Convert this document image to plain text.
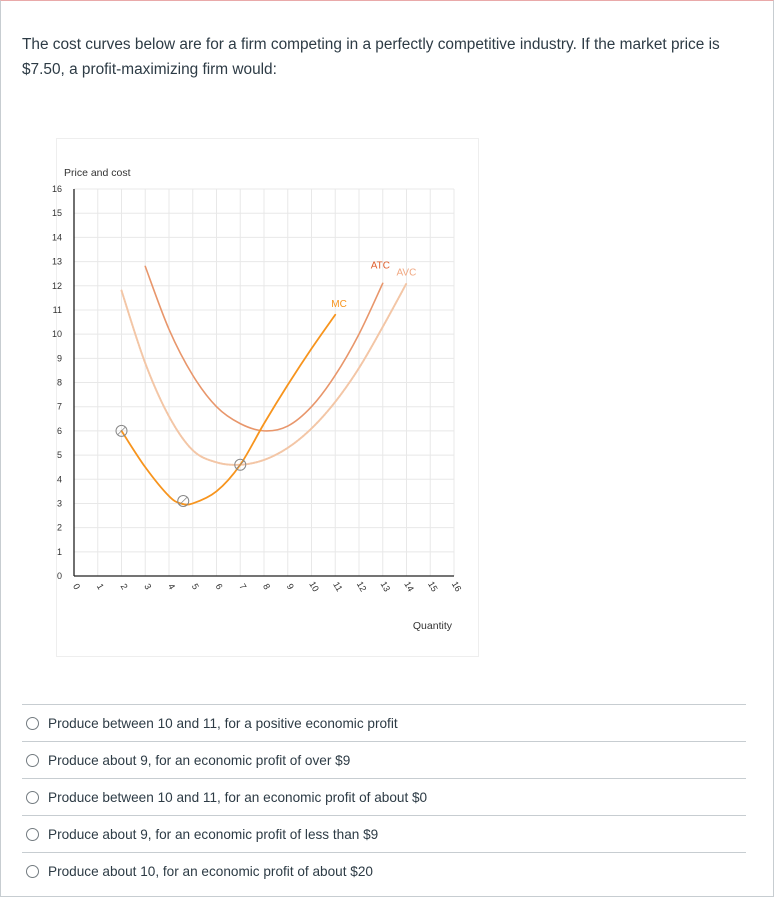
The cost curves below are for a firm competing in a perfectly competitive industry. If the market price is $7.50, a profit-maximizing firm would:
Price and cost
Quantity
0
1
2
3
4
5
6
7
8
9
10
11
12
13
14
15
16
0 1 2 3 4 5 6 7 8 9 10 11 12 13 14 15 16
AVC
ATC
MC
Produce between 10 and 11, for a positive economic profit
Produce about 9, for an economic profit of over $9
Produce between 10 and 11, for an economic profit of about $0
Produce about 9, for an economic profit of less than $9
Produce about 10, for an economic profit of about $20
